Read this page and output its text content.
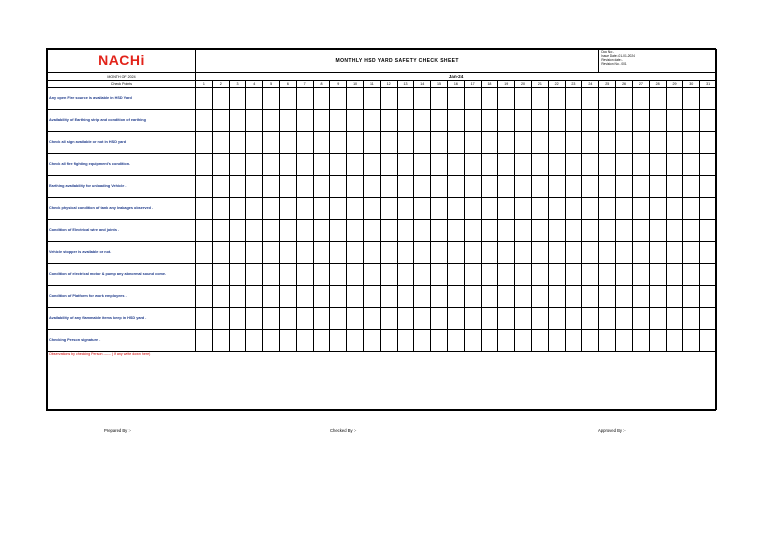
NACHi	MONTHLY HSD YARD SAFETY CHECK SHEET																								Doc No:-
Issue Date:-01-01-2024
Revision date:-
Revision No:- 001						

MONTH OF 2024	Jan-24																														
Check Points	1	2	3	4	5	6	7	8	9	10	11	12	13	14	15	16	17	18	19	20	21	22	23	24	25	26	27	28	29	30	31
Any open Fire source is available in HSD Yard																															
Availability of Earthing strip and condition of earthing																															
Check all sign available or not in HSD yard																															
Check all fire fighting equipment's condition.																															
Earthing availability for unloading Vehicle .																															
Check physical condition of tank any leakages observed .																															
Condition of Electrical wire and joints .																															
Vehicle stopper is available or not.																															
Condition of electrical motor & pump any abnormal sound come.																															
Condition of Platform for work employees .																															
Availability of any flammable items keep in HSD yard .																															
Checking Person signature .																															
Observations by checking Person ------ ( If any write down here)																															
Prepared By :-	Checked By :-	Approved By :-
